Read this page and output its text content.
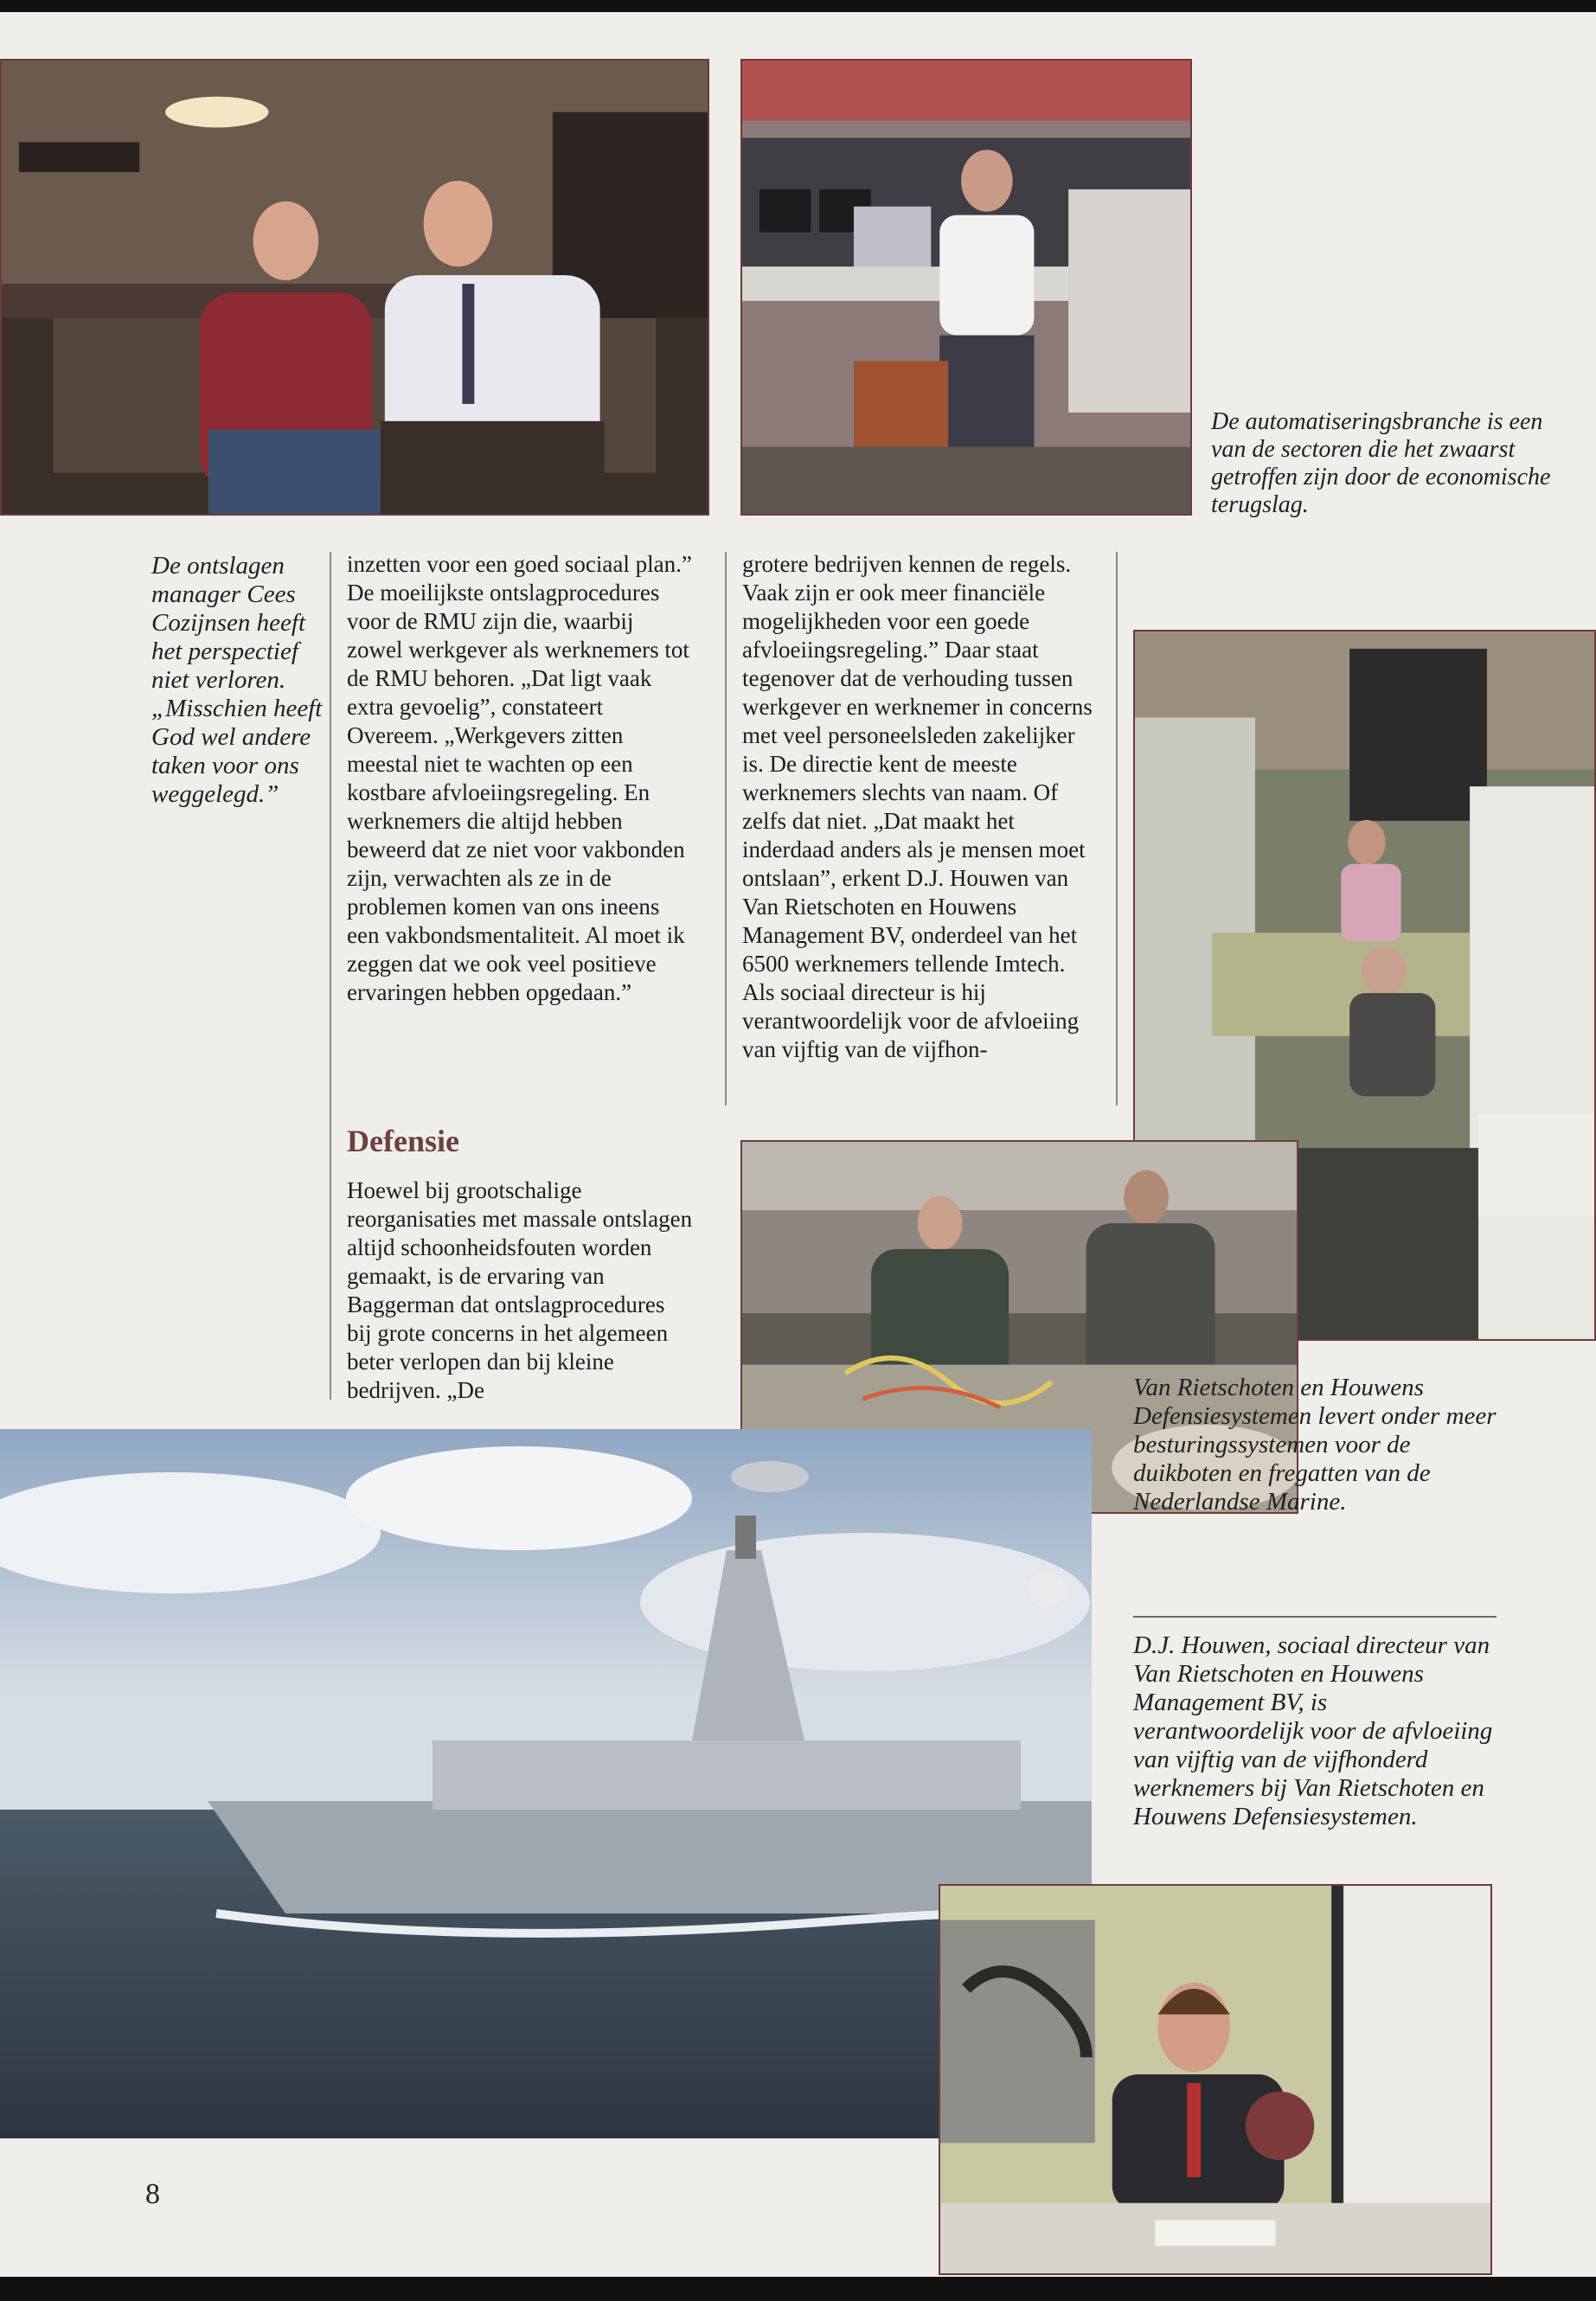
De automatiseringsbranche is een van de sectoren die het zwaarst getroffen zijn door de economische terugslag.
De ontslagen manager Cees Cozijnsen heeft het perspectief niet verloren. „Misschien heeft God wel andere taken voor ons weggelegd.”

inzetten voor een goed sociaal plan.”

De moeilijkste ontslagprocedures voor de RMU zijn die, waarbij zowel werkgever als werknemers tot de RMU behoren. „Dat ligt vaak extra gevoelig”, constateert Overeem. „Werkgevers zitten meestal niet te wachten op een kostbare afvloeiingsregeling. En werknemers die altijd hebben beweerd dat ze niet voor vakbonden zijn, verwachten als ze in de problemen komen van ons ineens een vakbondsmentaliteit. Al moet ik zeggen dat we ook veel positieve ervaringen hebben opgedaan.”

Defensie

Hoewel bij grootschalige reorganisaties met massale ontslagen altijd schoonheidsfouten worden gemaakt, is de ervaring van Baggerman dat ontslagprocedures bij grote concerns in het algemeen beter verlopen dan bij kleine bedrijven. „De

grotere bedrijven kennen de regels. Vaak zijn er ook meer financiële mogelijkheden voor een goede afvloeiingsregeling.” Daar staat tegenover dat de verhouding tussen werkgever en werknemer in concerns met veel personeelsleden zakelijker is. De directie kent de meeste werknemers slechts van naam. Of zelfs dat niet. „Dat maakt het inderdaad anders als je mensen moet ontslaan”, erkent D.J. Houwen van Van Rietschoten en Houwens Management BV, onderdeel van het 6500 werknemers tellende Imtech.

Als sociaal directeur is hij verantwoordelijk voor de afvloeiing van vijftig van de vijfhon-

Van Rietschoten en Houwens Defensiesystemen levert onder meer besturingssystemen voor de duikboten en fregatten van de Nederlandse Marine.
D.J. Houwen, sociaal directeur van Van Rietschoten en Houwens Management BV, is verantwoordelijk voor de afvloeiing van vijftig van de vijfhonderd werknemers bij Van Rietschoten en Houwens Defensiesystemen.
8
